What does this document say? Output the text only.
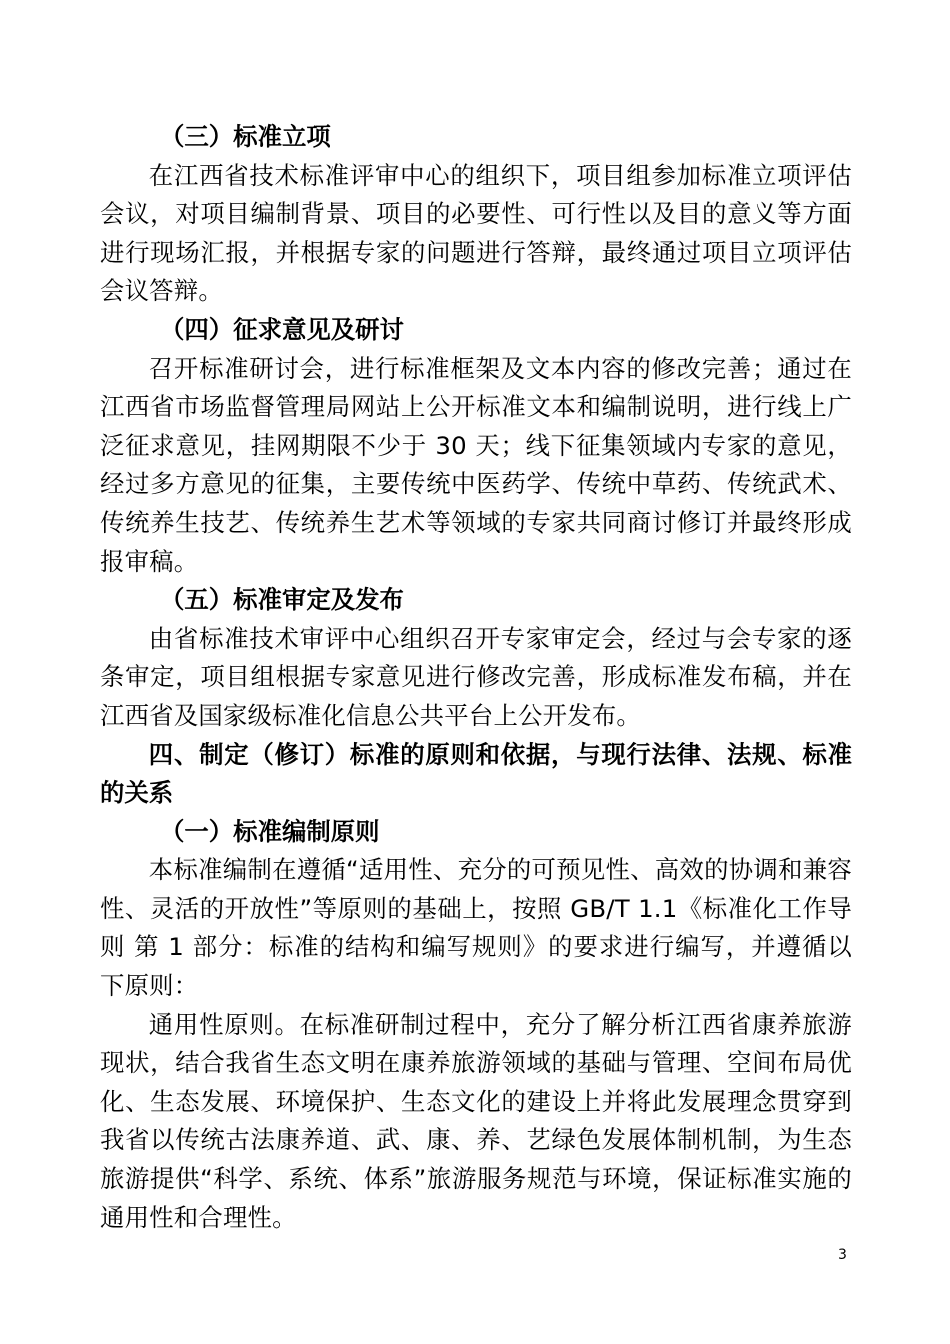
（三）标准立项

在江西省技术标准评审中心的组织下，项目组参加标准立项评估会议，对项目编制背景、项目的必要性、可行性以及目的意义等方面进行现场汇报，并根据专家的问题进行答辩，最终通过项目立项评估会议答辩。

（四）征求意见及研讨

召开标准研讨会，进行标准框架及文本内容的修改完善；通过在江西省市场监督管理局网站上公开标准文本和编制说明，进行线上广泛征求意见，挂网期限不少于 30 天；线下征集领域内专家的意见，经过多方意见的征集，主要传统中医药学、传统中草药、传统武术、传统养生技艺、传统养生艺术等领域的专家共同商讨修订并最终形成报审稿。

（五）标准审定及发布

由省标准技术审评中心组织召开专家审定会，经过与会专家的逐条审定，项目组根据专家意见进行修改完善，形成标准发布稿，并在江西省及国家级标准化信息公共平台上公开发布。

四、制定（修订）标准的原则和依据，与现行法律、法规、标准的关系

（一）标准编制原则

本标准编制在遵循“适用性、充分的可预见性、高效的协调和兼容性、灵活的开放性”等原则的基础上，按照 GB/T 1.1《标准化工作导则 第 1 部分：标准的结构和编写规则》的要求进行编写，并遵循以下原则：

通用性原则。在标准研制过程中，充分了解分析江西省康养旅游现状，结合我省生态文明在康养旅游领域的基础与管理、空间布局优化、生态发展、环境保护、生态文化的建设上并将此发展理念贯穿到我省以传统古法康养道、武、康、养、艺绿色发展体制机制，为生态旅游提供“科学、系统、体系”旅游服务规范与环境，保证标准实施的通用性和合理性。

3
